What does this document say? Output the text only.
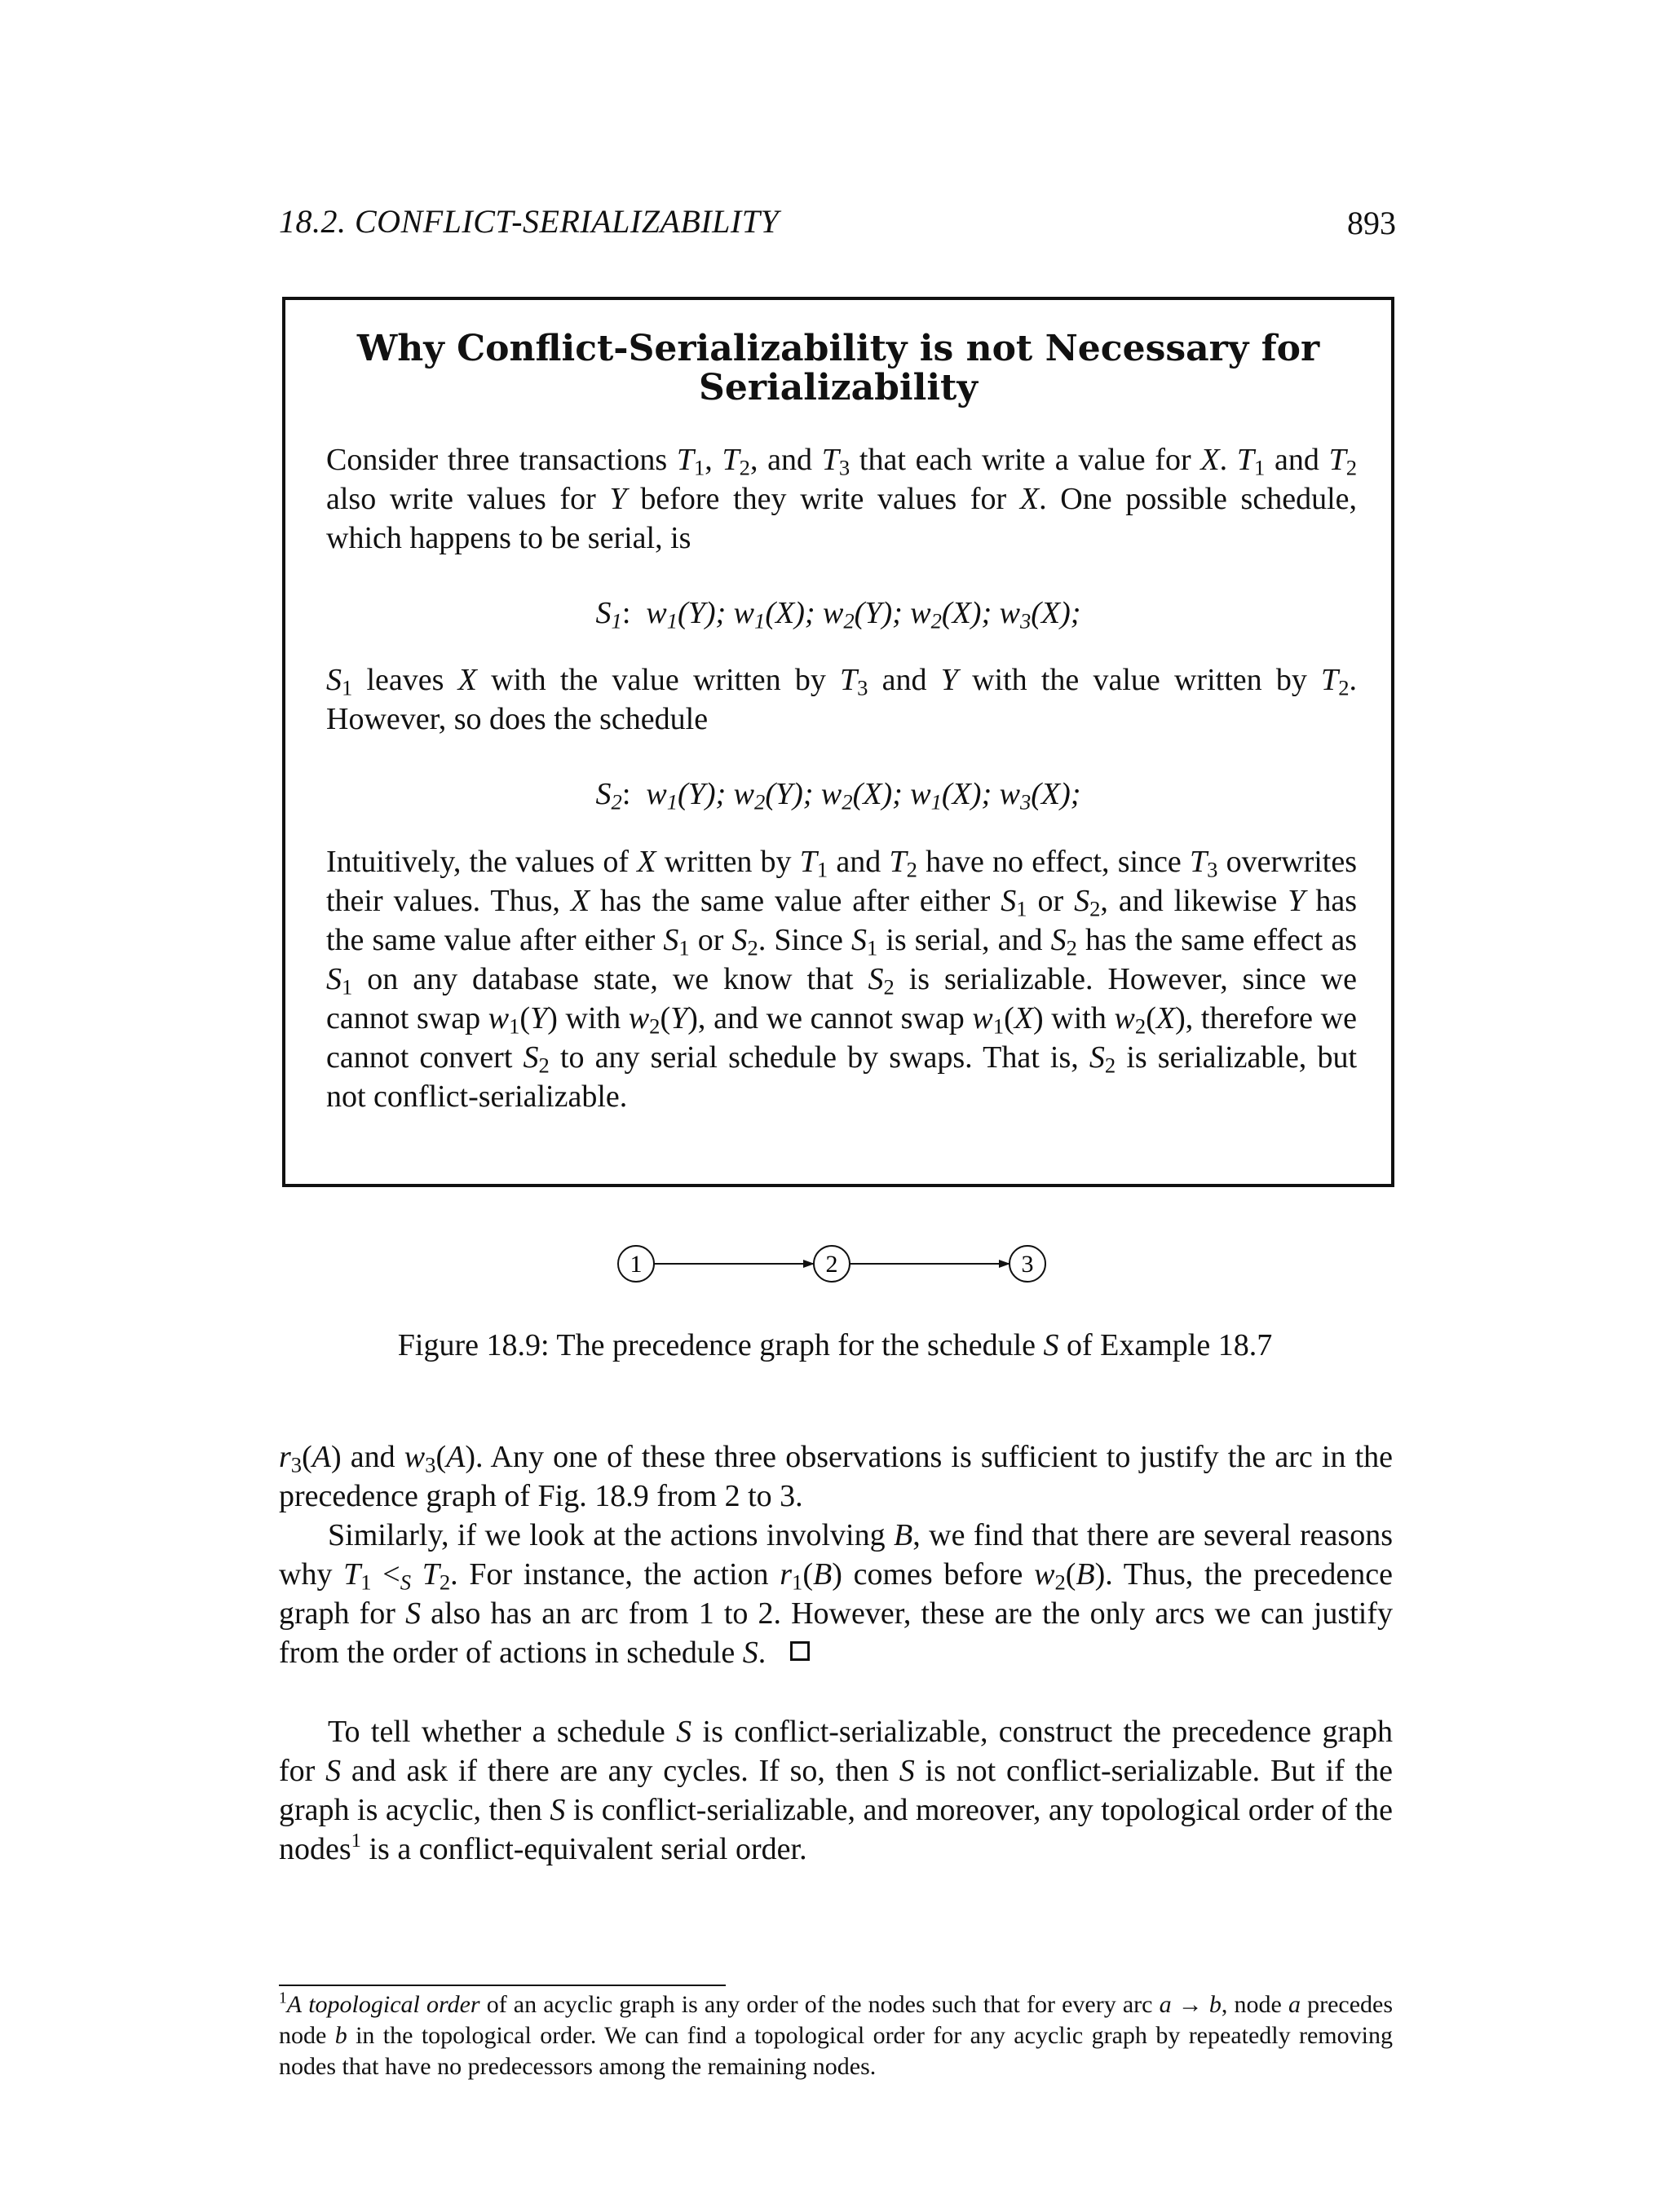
18.2. CONFLICT-SERIALIZABILITY	893
Why Conflict-Serializability is not Necessary for
Serializability
Consider three transactions $T_1$, $T_2$, and $T_3$ that each write a value for X. $T_1$ and $T_2$ also write values for Y before they write values for X. One possible schedule, which happens to be serial, is
$S_1$:  $w_1(Y)$; $w_1(X)$; $w_2(Y)$; $w_2(X)$; $w_3(X)$;
$S_1$ leaves X with the value written by $T_3$ and Y with the value written by $T_2$. However, so does the schedule
$S_2$:  $w_1(Y)$; $w_2(Y)$; $w_2(X)$; $w_1(X)$; $w_3(X)$;
Intuitively, the values of X written by $T_1$ and $T_2$ have no effect, since $T_3$ overwrites their values. Thus, X has the same value after either $S_1$ or $S_2$, and likewise Y has the same value after either $S_1$ or $S_2$. Since $S_1$ is serial, and $S_2$ has the same effect as $S_1$ on any database state, we know that $S_2$ is serializable. However, since we cannot swap $w_1(Y)$ with $w_2(Y)$, and we cannot swap $w_1(X)$ with $w_2(X)$, therefore we cannot convert $S_2$ to any serial schedule by swaps. That is, $S_2$ is serializable, but not conflict-serializable.
1	2	3
Figure 18.9: The precedence graph for the schedule S of Example 18.7
$r_3(A)$ and $w_3(A)$. Any one of these three observations is sufficient to justify the arc in the precedence graph of Fig. 18.9 from 2 to 3.
Similarly, if we look at the actions involving B, we find that there are several reasons why $T_1 <_S$ $T_2$. For instance, the action $r_1(B)$ comes before $w_2(B)$. Thus, the precedence graph for S also has an arc from 1 to 2. However, these are the only arcs we can justify from the order of actions in schedule S.
To tell whether a schedule S is conflict-serializable, construct the precedence graph for S and ask if there are any cycles. If so, then S is not conflict-serializable. But if the graph is acyclic, then S is conflict-serializable, and moreover, any topological order of the nodes$^1$ is a conflict-equivalent serial order.
$^1$A topological order of an acyclic graph is any order of the nodes such that for every arc a → b, node a precedes node b in the topological order. We can find a topological order for any acyclic graph by repeatedly removing nodes that have no predecessors among the remaining nodes.
